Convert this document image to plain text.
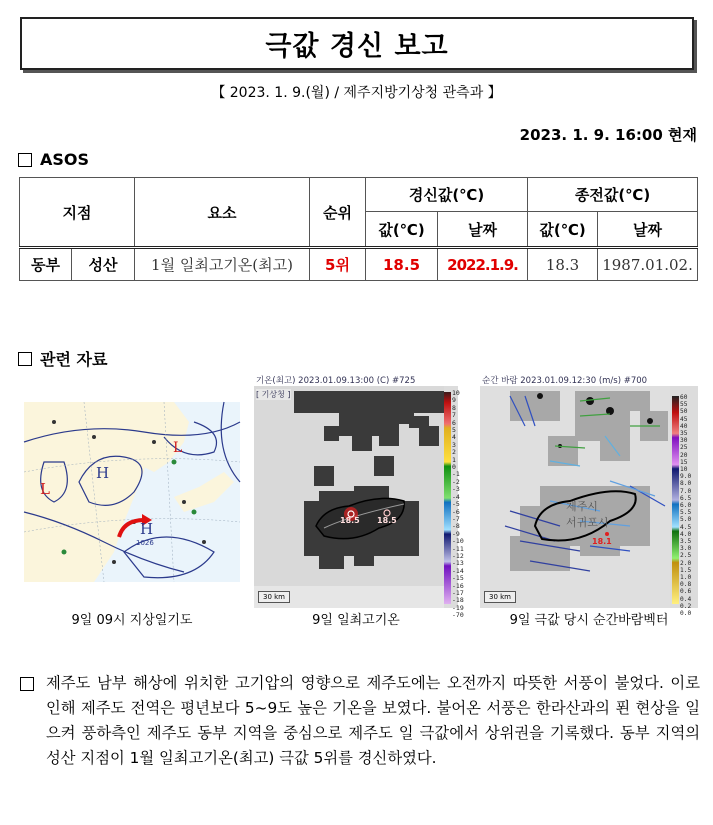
극값 경신 보고
【 2023. 1. 9.(월) / 제주지방기상청 관측과 】
2023. 1. 9. 16:00 현재
ASOS
지점		요소	순위	경신값(℃)		종전값(℃)	
				값(℃)	날짜	값(℃)	날짜
동부	성산	1월 일최고기온(최고)	5위	18.5	2022.1.9.	18.3	1987.01.02.
관련 자료
H
H
1026
L
L
9일 09시 지상일기도
기온(최고) 2023.01.09.13:00 (C) #725
[ 기상청 ]
18.5 18.5
30 km
10
9
8
7
6
5
4
3
2
1
0
-1
-2
-3
-4
-5
-6
-7
-8
-9
-10
-11
-12
-13
-14
-15
-16
-17
-18
-19
-70
9일 일최고기온
순간 바람 2023.01.09.12:30 (m/s) #700
제주시
서귀포시
18.1
30 km
60
55
50
45
40
35
30
25
20
15
10
9.0
8.0
7.0
6.5
6.0
5.5
5.0
4.5
4.0
3.5
3.0
2.5
2.0
1.5
1.0
0.8
0.6
0.4
0.2
0.0
9일 극값 당시 순간바람벡터

제주도 남부 해상에 위치한 고기압의 영향으로 제주도에는 오전까지 따뜻한 서풍이 불었다. 이로 인해 제주도 전역은 평년보다 5~9도 높은 기온을 보였다. 불어온 서풍은 한라산과의 푄 현상을 일으켜 풍하측인 제주도 동부 지역을 중심으로 제주도 일 극값에서 상위권을 기록했다. 동부 지역의 성산 지점이 1월 일최고기온(최고) 극값 5위를 경신하였다.
